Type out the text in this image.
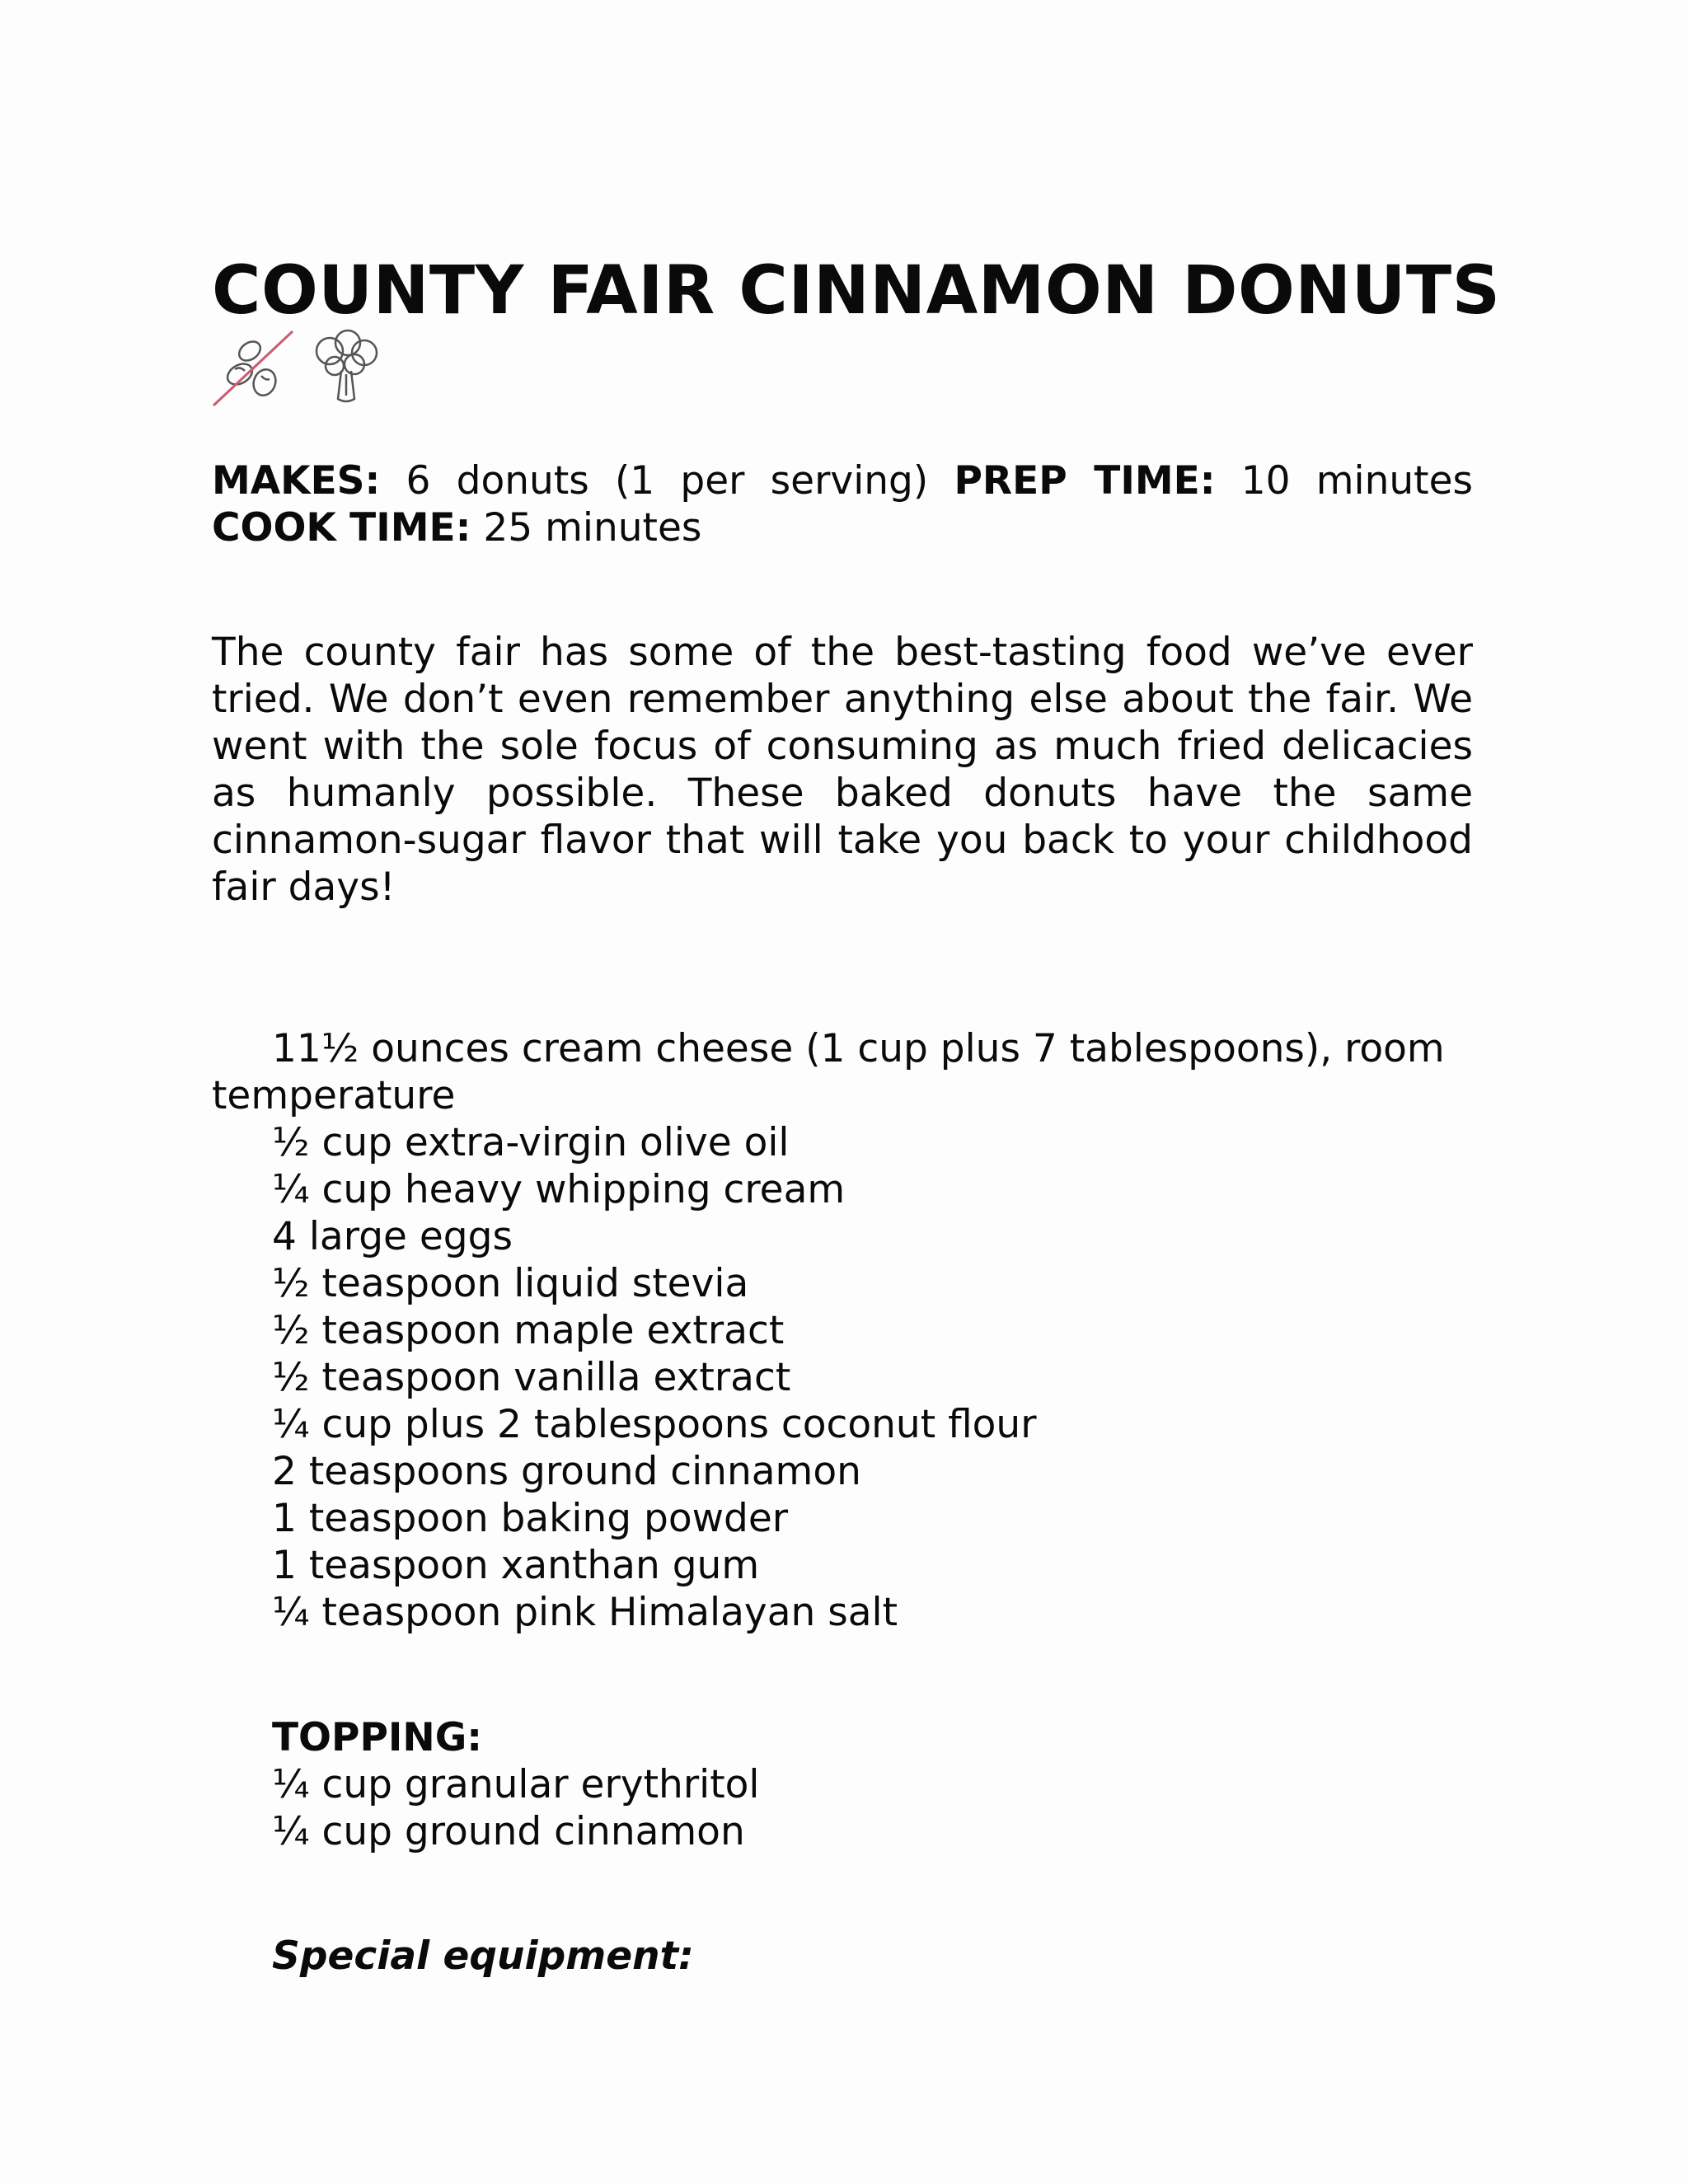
COUNTY FAIR CINNAMON DONUTS
MAKES: 6 donuts (1 per serving) PREP TIME: 10 minutes COOK TIME: 25 minutes

The county fair has some of the best-tasting food we’ve ever tried. We don’t even remember anything else about the fair. We went with the sole focus of consuming as much fried delicacies as humanly possible. These baked donuts have the same cinnamon-sugar flavor that will take you back to your childhood fair days!

11½ ounces cream cheese (1 cup plus 7 tablespoons), room temperature
½ cup extra-virgin olive oil
¼ cup heavy whipping cream
4 large eggs
½ teaspoon liquid stevia
½ teaspoon maple extract
½ teaspoon vanilla extract
¼ cup plus 2 tablespoons coconut flour
2 teaspoons ground cinnamon
1 teaspoon baking powder
1 teaspoon xanthan gum
¼ teaspoon pink Himalayan salt
TOPPING:
¼ cup granular erythritol
¼ cup ground cinnamon
Special equipment:
